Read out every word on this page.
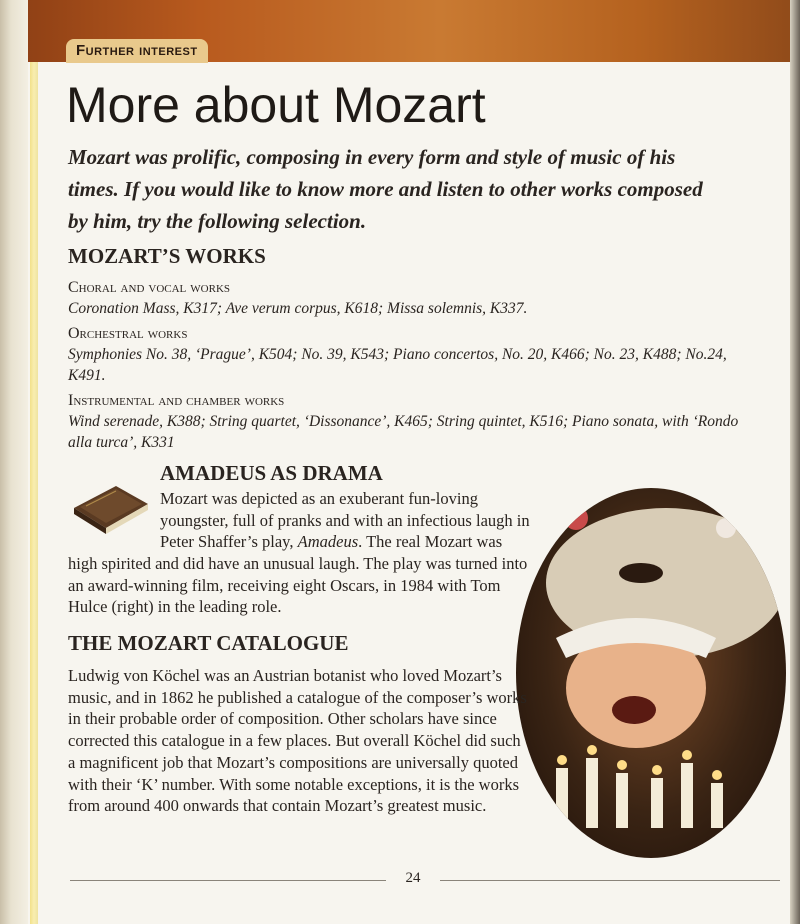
Further interest
More about Mozart

Mozart was prolific, composing in every form and style of music of his times. If you would like to know more and listen to other works composed by him, try the following selection.

MOZART’S WORKS

Choral and vocal works

Coronation Mass, K317; Ave verum corpus, K618; Missa solemnis, K337.

Orchestral works

Symphonies No. 38, ‘Prague’, K504; No. 39, K543; Piano concertos, No. 20, K466; No. 23, K488; No.24, K491.

Instrumental and chamber works

Wind serenade, K388; String quartet, ‘Dissonance’, K465; String quintet, K516; Piano sonata, with ‘Rondo alla turca’, K331

AMADEUS AS DRAMA

Mozart was depicted as an exuberant fun-loving youngster, full of pranks and with an infectious laugh in Peter Shaffer’s play, Amadeus. The real Mozart was

high spirited and did have an unusual laugh. The play was turned into an award-winning film, receiving eight Oscars, in 1984 with Tom Hulce (right) in the leading role.

THE MOZART CATALOGUE

Ludwig von Köchel was an Austrian botanist who loved Mozart’s music, and in 1862 he published a catalogue of the composer’s works in their probable order of composition. Other scholars have since corrected this catalogue in a few places. But overall Köchel did such a magnificent job that Mozart’s compositions are universally quoted with their ‘K’ number. With some notable exceptions, it is the works from around 400 onwards that contain Mozart’s greatest music.

24
